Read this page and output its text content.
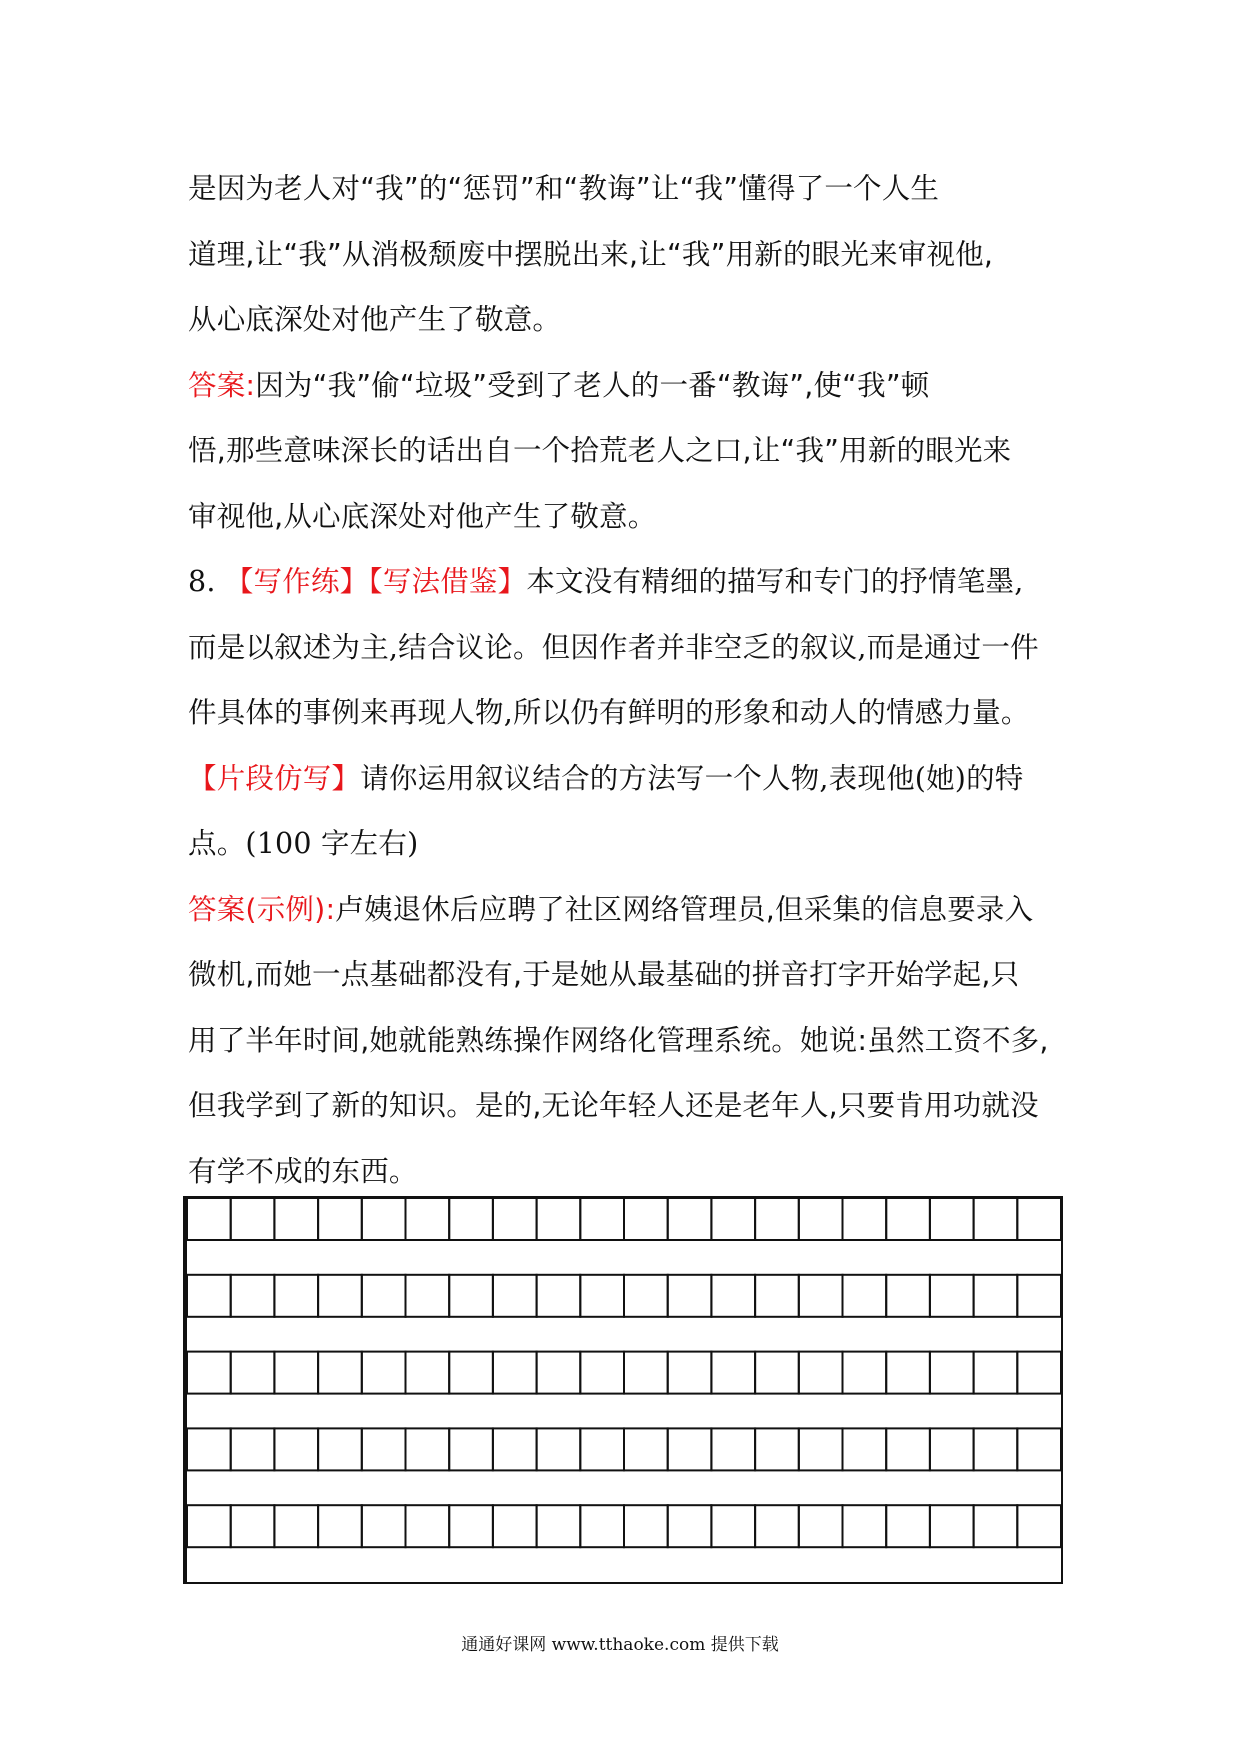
是因为老人对“我”的“惩罚”和“教诲”让“我”懂得了一个人生
道理,让“我”从消极颓废中摆脱出来,让“我”用新的眼光来审视他,
从心底深处对他产生了敬意。
答案:因为“我”偷“垃圾”受到了老人的一番“教诲”,使“我”顿
悟,那些意味深长的话出自一个拾荒老人之口,让“我”用新的眼光来
审视他,从心底深处对他产生了敬意。
8. 【写作练】【写法借鉴】本文没有精细的描写和专门的抒情笔墨,
而是以叙述为主,结合议论。但因作者并非空乏的叙议,而是通过一件
件具体的事例来再现人物,所以仍有鲜明的形象和动人的情感力量。
【片段仿写】请你运用叙议结合的方法写一个人物,表现他(她)的特
点。(100 字左右)
答案(示例):卢姨退休后应聘了社区网络管理员,但采集的信息要录入
微机,而她一点基础都没有,于是她从最基础的拼音打字开始学起,只
用了半年时间,她就能熟练操作网络化管理系统。她说:虽然工资不多,
但我学到了新的知识。是的,无论年轻人还是老年人,只要肯用功就没
有学不成的东西。
通通好课网 www.tthaoke.com 提供下载
